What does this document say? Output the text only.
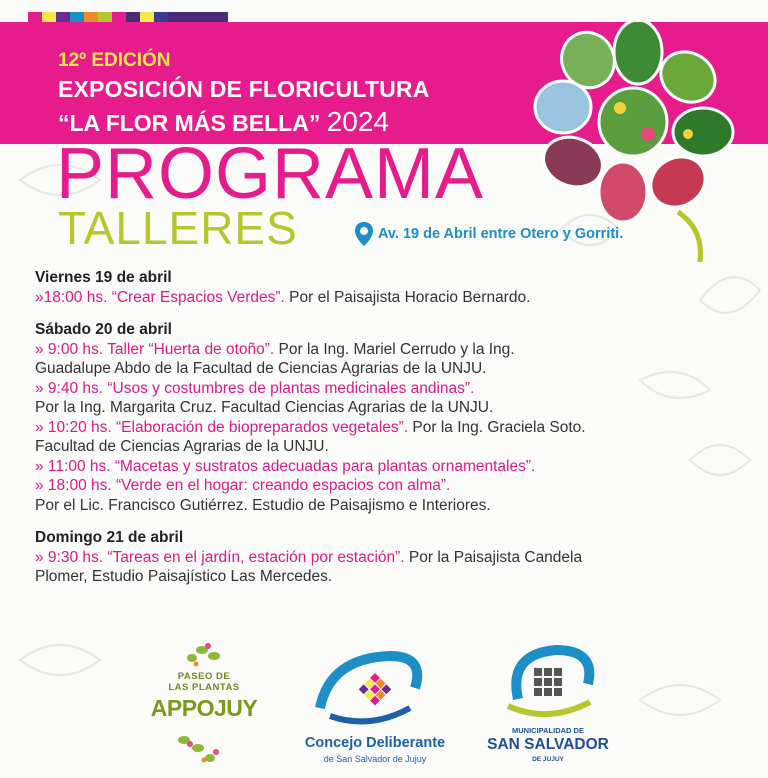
12º EDICIÓN
EXPOSICIÓN DE FLORICULTURA
“LA FLOR MÁS BELLA” 2024
PROGRAMA
TALLERES	Av. 19 de Abril entre Otero y Gorriti.
Viernes 19 de abril
»18:00 hs. “Crear Espacios Verdes”. Por el Paisajista Horacio Bernardo.
Sábado 20 de abril
» 9:00 hs. Taller “Huerta de otoño”. Por la Ing. Mariel Cerrudo y la Ing.
Guadalupe Abdo de la Facultad de Ciencias Agrarias de la UNJU.
» 9:40 hs. “Usos y costumbres de plantas medicinales andinas”.
Por la Ing. Margarita Cruz. Facultad Ciencias Agrarias de la UNJU.
» 10:20 hs. “Elaboración de biopreparados vegetales”. Por la Ing. Graciela Soto.
Facultad de Ciencias Agrarias de la UNJU.
» 11:00 hs. “Macetas y sustratos adecuadas para plantas ornamentales”.
» 18:00 hs. “Verde en el hogar: creando espacios con alma”.
Por el Lic. Francisco Gutiérrez. Estudio de Paisajismo e Interiores.
Domingo 21 de abril
» 9:30 hs. “Tareas en el jardín, estación por estación”. Por la Paisajista Candela
Plomer, Estudio Paisajístico Las Mercedes.
PASEO DE
LAS PLANTAS
APPOJUY
Concejo Deliberante
de San Salvador de Jujuy
MUNICIPALIDAD DE
SAN SALVADOR
DE JUJUY
